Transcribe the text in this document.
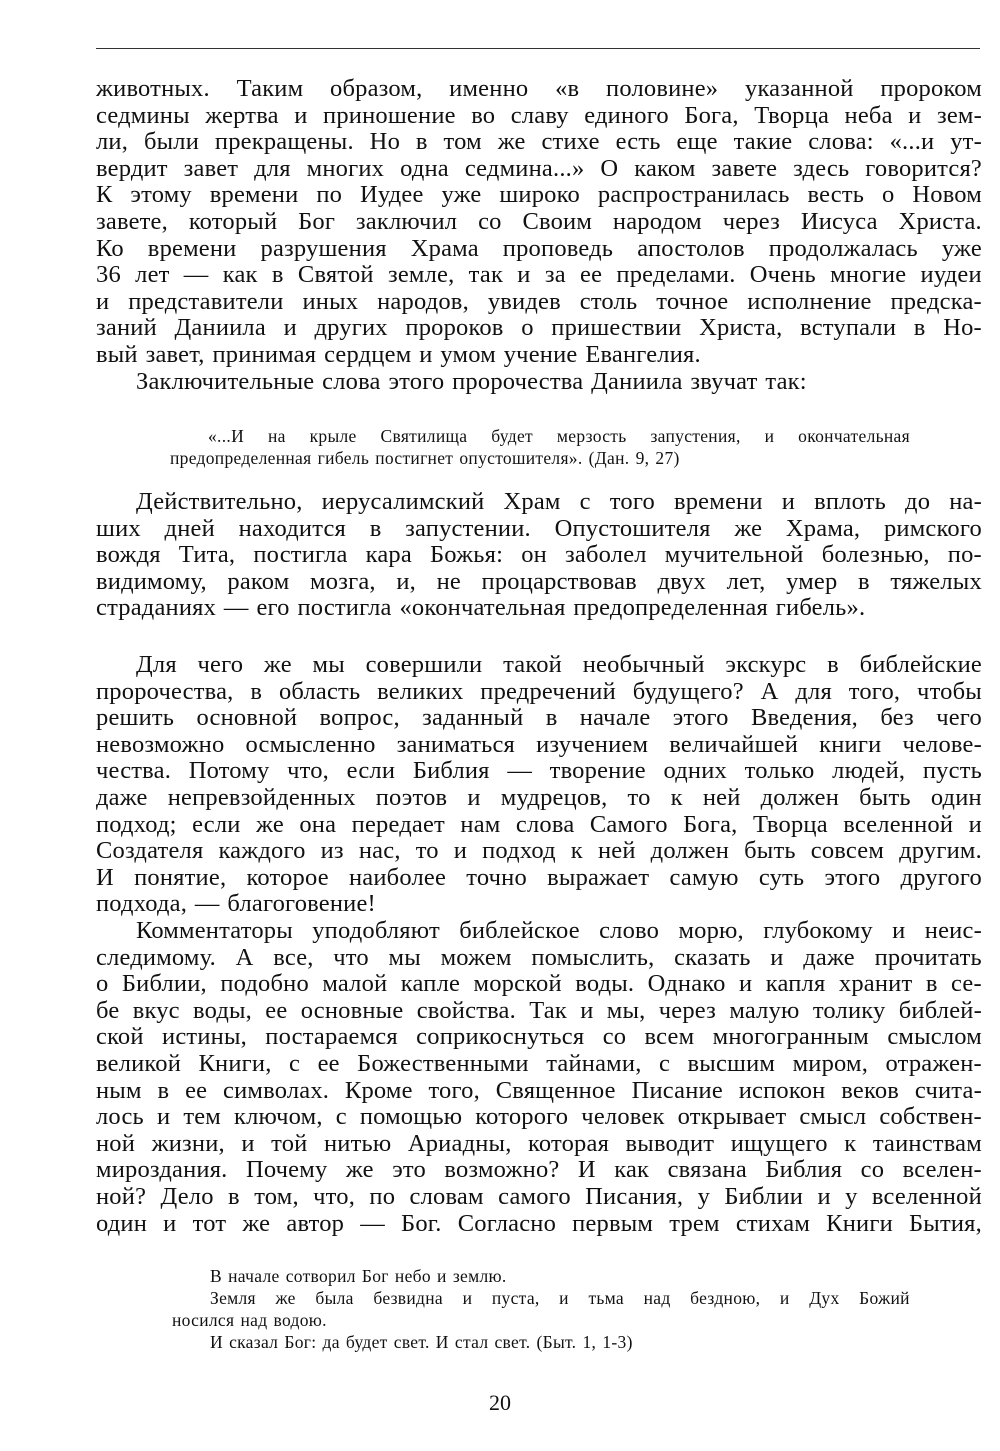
животных. Таким образом, именно «в половине» указанной пророком
седмины жертва и приношение во славу единого Бога, Творца неба и зем-
ли, были прекращены. Но в том же стихе есть еще такие слова: «...и ут-
вердит завет для многих одна седмина...» О каком завете здесь говорится?
К этому времени по Иудее уже широко распространилась весть о Новом
завете, который Бог заключил со Своим народом через Иисуса Христа.
Ко времени разрушения Храма проповедь апостолов продолжалась уже
36 лет — как в Святой земле, так и за ее пределами. Очень многие иудеи
и представители иных народов, увидев столь точное исполнение предска-
заний Даниила и других пророков о пришествии Христа, вступали в Но-
вый завет, принимая сердцем и умом учение Евангелия.
Заключительные слова этого пророчества Даниила звучат так:
«...И на крыле Святилища будет мерзость запустения, и окончательная
предопределенная гибель постигнет опустошителя». (Дан. 9, 27)
Действительно, иерусалимский Храм с того времени и вплоть до на-
ших дней находится в запустении. Опустошителя же Храма, римского
вождя Тита, постигла кара Божья: он заболел мучительной болезнью, по-
видимому, раком мозга, и, не процарствовав двух лет, умер в тяжелых
страданиях — его постигла «окончательная предопределенная гибель».
Для чего же мы совершили такой необычный экскурс в библейские
пророчества, в область великих предречений будущего? А для того, чтобы
решить основной вопрос, заданный в начале этого Введения, без чего
невозможно осмысленно заниматься изучением величайшей книги челове-
чества. Потому что, если Библия — творение одних только людей, пусть
даже непревзойденных поэтов и мудрецов, то к ней должен быть один
подход; если же она передает нам слова Самого Бога, Творца вселенной и
Создателя каждого из нас, то и подход к ней должен быть совсем другим.
И понятие, которое наиболее точно выражает самую суть этого другого
подхода, — благоговение!
Комментаторы уподобляют библейское слово морю, глубокому и неис-
следимому. А все, что мы можем помыслить, сказать и даже прочитать
о Библии, подобно малой капле морской воды. Однако и капля хранит в се-
бе вкус воды, ее основные свойства. Так и мы, через малую толику библей-
ской истины, постараемся соприкоснуться со всем многогранным смыслом
великой Книги, с ее Божественными тайнами, с высшим миром, отражен-
ным в ее символах. Кроме того, Священное Писание испокон веков счита-
лось и тем ключом, с помощью которого человек открывает смысл собствен-
ной жизни, и той нитью Ариадны, которая выводит ищущего к таинствам
мироздания. Почему же это возможно? И как связана Библия со вселен-
ной? Дело в том, что, по словам самого Писания, у Библии и у вселенной
один и тот же автор — Бог. Согласно первым трем стихам Книги Бытия,
В начале сотворил Бог небо и землю.
Земля же была безвидна и пуста, и тьма над бездною, и Дух Божий
носился над водою.
И сказал Бог: да будет свет. И стал свет. (Быт. 1, 1-3)
20
